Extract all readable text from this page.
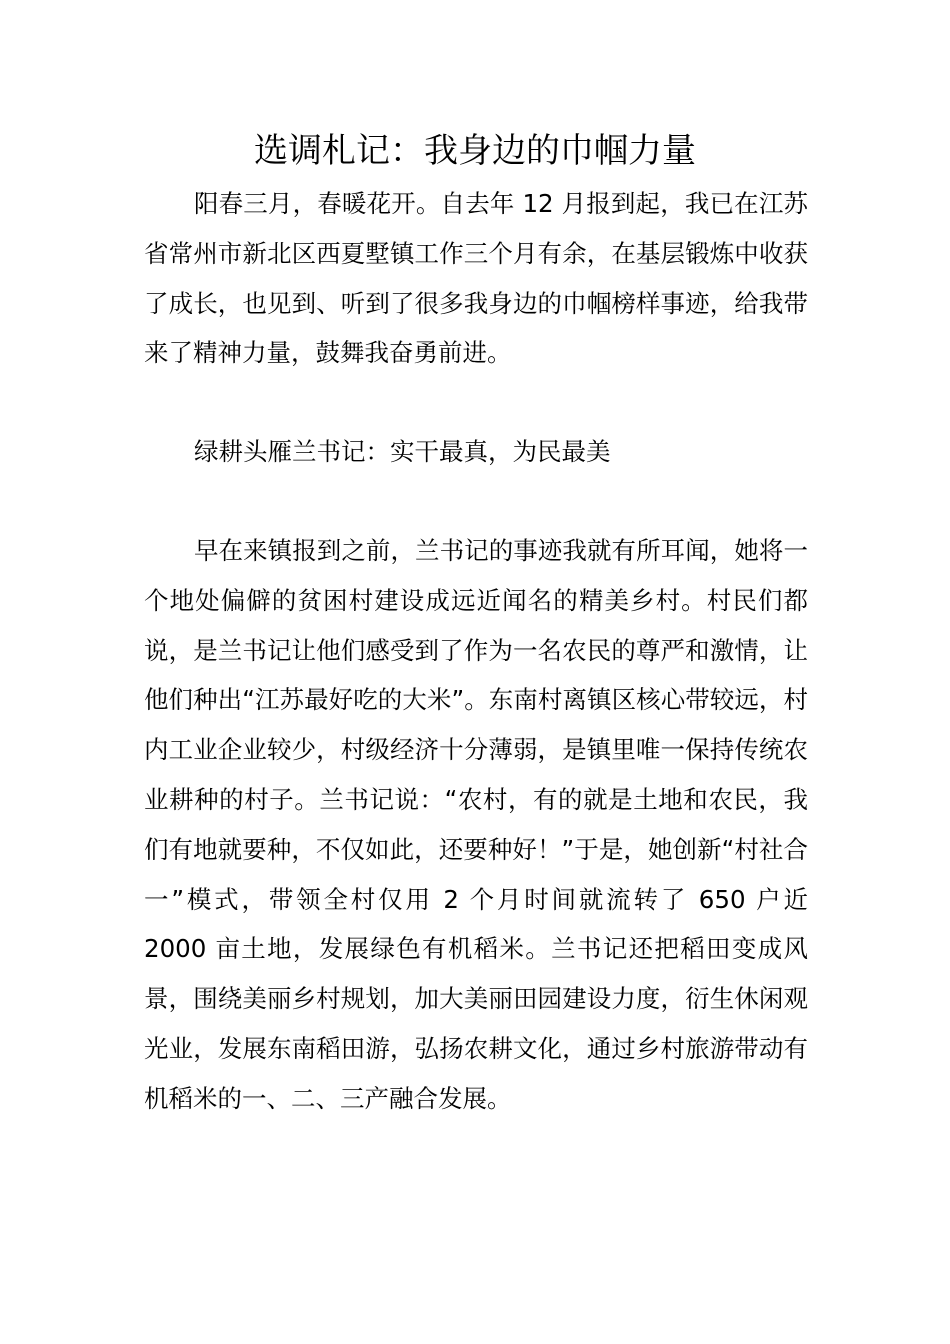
选调札记：我身边的巾帼力量

阳春三月，春暖花开。自去年 12 月报到起，我已在江苏省常州市新北区西夏墅镇工作三个月有余，在基层锻炼中收获了成长，也见到、听到了很多我身边的巾帼榜样事迹，给我带来了精神力量，鼓舞我奋勇前进。

绿耕头雁兰书记：实干最真，为民最美

早在来镇报到之前，兰书记的事迹我就有所耳闻，她将一个地处偏僻的贫困村建设成远近闻名的精美乡村。村民们都说，是兰书记让他们感受到了作为一名农民的尊严和激情，让他们种出“江苏最好吃的大米”。东南村离镇区核心带较远，村内工业企业较少，村级经济十分薄弱，是镇里唯一保持传统农业耕种的村子。兰书记说：“农村，有的就是土地和农民，我们有地就要种，不仅如此，还要种好！”于是，她创新“村社合一”模式，带领全村仅用 2 个月时间就流转了 650 户近 2000 亩土地，发展绿色有机稻米。兰书记还把稻田变成风景，围绕美丽乡村规划，加大美丽田园建设力度，衍生休闲观光业，发展东南稻田游，弘扬农耕文化，通过乡村旅游带动有机稻米的一、二、三产融合发展。
